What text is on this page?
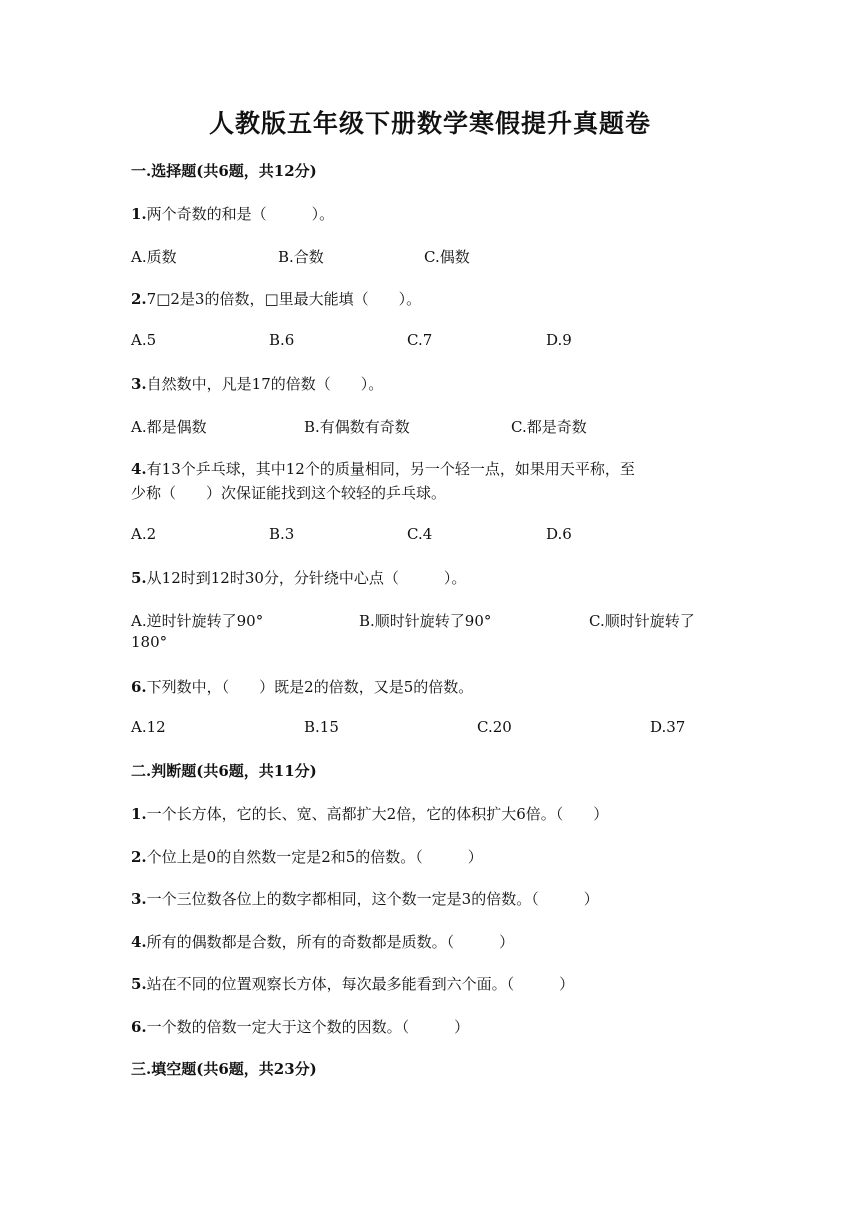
人教版五年级下册数学寒假提升真题卷
一.选择题(共6题，共12分)
1.两个奇数的和是（　　　）。
A.质数	B.合数	C.偶数
2.7□2是3的倍数，□里最大能填（　　）。
A.5	B.6	C.7	D.9
3.自然数中，凡是17的倍数（　　）。
A.都是偶数	B.有偶数有奇数	C.都是奇数
4.有13个乒乓球，其中12个的质量相同，另一个轻一点，如果用天平称，至
少称（　　）次保证能找到这个较轻的乒乓球。
A.2	B.3	C.4	D.6
5.从12时到12时30分，分针绕中心点（　　　）。
A.逆时针旋转了90°	B.顺时针旋转了90°	C.顺时针旋转了
180°
6.下列数中，（　　）既是2的倍数，又是5的倍数。
A.12	B.15	C.20	D.37
二.判断题(共6题，共11分)
1.一个长方体，它的长、宽、高都扩大2倍，它的体积扩大6倍。（　　）
2.个位上是0的自然数一定是2和5的倍数。（　　　）
3.一个三位数各位上的数字都相同，这个数一定是3的倍数。（　　　）
4.所有的偶数都是合数，所有的奇数都是质数。（　　　）
5.站在不同的位置观察长方体，每次最多能看到六个面。（　　　）
6.一个数的倍数一定大于这个数的因数。（　　　）
三.填空题(共6题，共23分)
